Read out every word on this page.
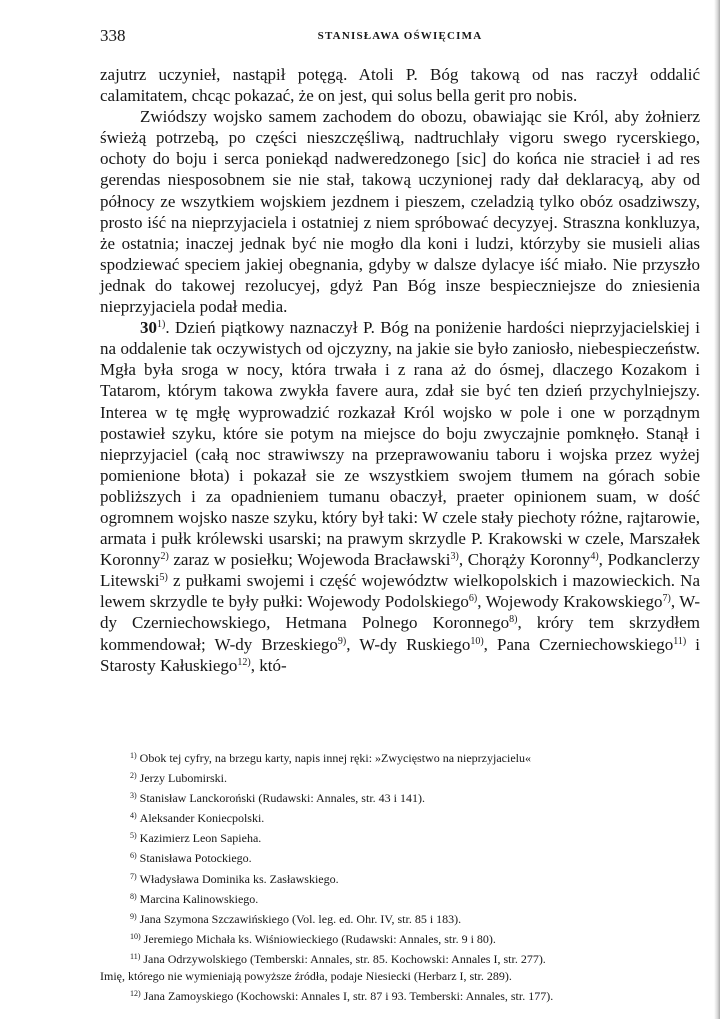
338	STANISŁAWA OŚWIĘCIMA

zajutrz uczynieł, nastąpił potęgą. Atoli P. Bóg takową od nas raczył oddalić calamitatem, chcąc pokazać, że on jest, qui solus bella gerit pro nobis.

Zwiódszy wojsko samem zachodem do obozu, obawiając sie Król, aby żołnierz świeżą potrzebą, po części nieszczęśliwą, nadtruchlały vigoru swego rycerskiego, ochoty do boju i serca poniekąd nadweredzonego [sic] do końca nie stracieł i ad res gerendas niesposobnem sie nie stał, takową uczynionej rady dał deklaracyą, aby od północy ze wszytkiem wojskiem jezdnem i pieszem, czeladzią tylko obóz osadziwszy, prosto iść na nieprzyjaciela i ostatniej z niem spróbować decyzyej. Straszna konkluzya, że ostatnia; inaczej jednak być nie mogło dla koni i ludzi, którzyby sie musieli alias spodziewać speciem jakiej obegnania, gdyby w dalsze dylacye iść miało. Nie przyszło jednak do takowej rezolucyej, gdyż Pan Bóg insze bespieczniejsze do zniesienia nieprzyjaciela podał media.

30$^{1)}$. Dzień piątkowy naznaczył P. Bóg na poniżenie hardości nieprzyjacielskiej i na oddalenie tak oczywistych od ojczyzny, na jakie sie było zaniosło, niebespieczeństw. Mgła była sroga w nocy, która trwała i z rana aż do ósmej, dlaczego Kozakom i Tatarom, którym takowa zwykła favere aura, zdał sie być ten dzień przychylniejszy. Interea w tę mgłę wyprowadzić rozkazał Król wojsko w pole i one w porządnym postawieł szyku, które sie potym na miejsce do boju zwyczajnie pomknęło. Stanął i nieprzyjaciel (całą noc strawiwszy na przeprawowaniu taboru i wojska przez wyżej pomienione błota) i pokazał sie ze wszystkiem swojem tłumem na górach sobie pobliższych i za opadnieniem tumanu obaczył, praeter opinionem suam, w dość ogromnem wojsko nasze szyku, który był taki: W czele stały piechoty różne, rajtarowie, armata i pułk królewski usarski; na prawym skrzydle P. Krakowski w czele, Marszałek Koronny$^{2)}$ zaraz w posiełku; Wojewoda Bracławski$^{3)}$, Chorąży Koronny$^{4)}$, Podkanclerzy Litewski$^{5)}$ z pułkami swojemi i część województw wielkopolskich i mazowieckich. Na lewem skrzydle te były pułki: Wojewody Podolskiego$^{6)}$, Wojewody Krakowskiego$^{7)}$, W-dy Czerniechowskiego, Hetmana Polnego Koronnego$^{8)}$, króry tem skrzydłem kommendował; W-dy Brzeskiego$^{9)}$, W-dy Ruskiego$^{10)}$, Pana Czerniechowskiego$^{11)}$ i Starosty Kałuskiego$^{12)}$, któ-

$^{1)}$ Obok tej cyfry, na brzegu karty, napis innej ręki: »Zwycięstwo na nieprzyjacielu«

$^{2)}$ Jerzy Lubomirski.

$^{3)}$ Stanisław Lanckoroński (Rudawski: Annales, str. 43 i 141).

$^{4)}$ Aleksander Koniecpolski.

$^{5)}$ Kazimierz Leon Sapieha.

$^{6)}$ Stanisława Potockiego.

$^{7)}$ Władysława Dominika ks. Zasławskiego.

$^{8)}$ Marcina Kalinowskiego.

$^{9)}$ Jana Szymona Szczawińskiego (Vol. leg. ed. Ohr. IV, str. 85 i 183).

$^{10)}$ Jeremiego Michała ks. Wiśniowieckiego (Rudawski: Annales, str. 9 i 80).

$^{11)}$ Jana Odrzywolskiego (Temberski: Annales, str. 85. Kochowski: Annales I, str. 277).

Imię, którego nie wymieniają powyższe źródła, podaje Niesiecki (Herbarz I, str. 289).

$^{12)}$ Jana Zamoyskiego (Kochowski: Annales I, str. 87 i 93. Temberski: Annales, str. 177).
